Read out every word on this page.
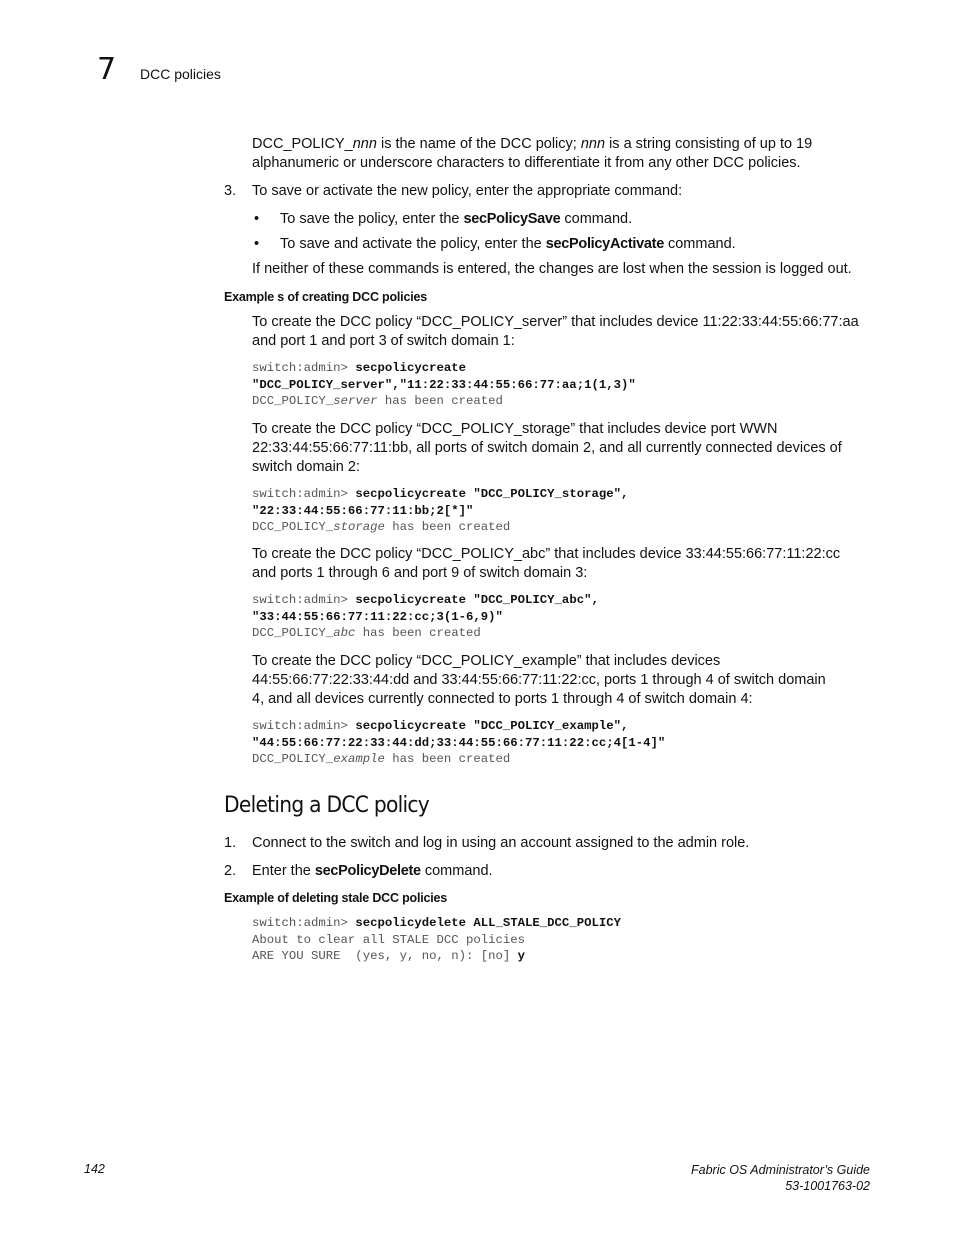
7 DCC policies
DCC_POLICY_nnn is the name of the DCC policy; nnn is a string consisting of up to 19
alphanumeric or underscore characters to differentiate it from any other DCC policies.
3. To save or activate the new policy, enter the appropriate command:
• To save the policy, enter the secPolicySave command.
• To save and activate the policy, enter the secPolicyActivate command.
If neither of these commands is entered, the changes are lost when the session is logged out.
Example s of creating DCC policies
To create the DCC policy “DCC_POLICY_server” that includes device 11:22:33:44:55:66:77:aa
and port 1 and port 3 of switch domain 1:
switch:admin> secpolicycreate
"DCC_POLICY_server","11:22:33:44:55:66:77:aa;1(1,3)"
DCC_POLICY_server has been created
To create the DCC policy “DCC_POLICY_storage” that includes device port WWN
22:33:44:55:66:77:11:bb, all ports of switch domain 2, and all currently connected devices of
switch domain 2:
switch:admin> secpolicycreate "DCC_POLICY_storage",
"22:33:44:55:66:77:11:bb;2[*]"
DCC_POLICY_storage has been created
To create the DCC policy “DCC_POLICY_abc” that includes device 33:44:55:66:77:11:22:cc
and ports 1 through 6 and port 9 of switch domain 3:
switch:admin> secpolicycreate "DCC_POLICY_abc",
"33:44:55:66:77:11:22:cc;3(1-6,9)"
DCC_POLICY_abc has been created
To create the DCC policy “DCC_POLICY_example” that includes devices
44:55:66:77:22:33:44:dd and 33:44:55:66:77:11:22:cc, ports 1 through 4 of switch domain
4, and all devices currently connected to ports 1 through 4 of switch domain 4:
switch:admin> secpolicycreate "DCC_POLICY_example",
"44:55:66:77:22:33:44:dd;33:44:55:66:77:11:22:cc;4[1-4]"
DCC_POLICY_example has been created
Deleting a DCC policy
1. Connect to the switch and log in using an account assigned to the admin role.
2. Enter the secPolicyDelete command.
Example of deleting stale DCC policies
switch:admin> secpolicydelete ALL_STALE_DCC_POLICY
About to clear all STALE DCC policies
ARE YOU SURE  (yes, y, no, n): [no] y
142	Fabric OS Administrator’s Guide
53-1001763-02
